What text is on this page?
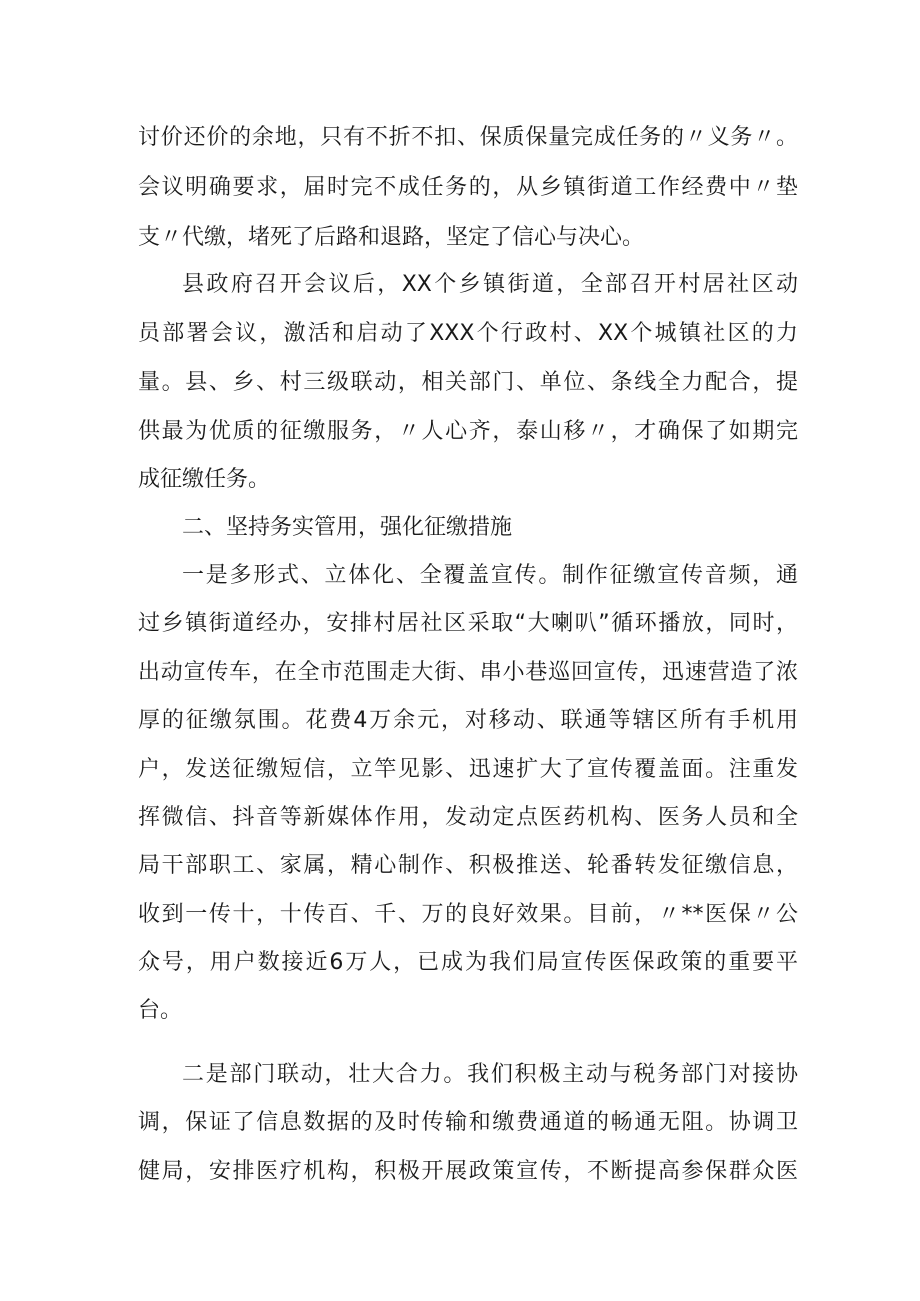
讨价还价的余地，只有不折不扣、保质保量完成任务的〃义务〃。
会议明确要求，届时完不成任务的，从乡镇街道工作经费中〃垫
支〃代缴，堵死了后路和退路，坚定了信心与决心。
县政府召开会议后，XX个乡镇街道，全部召开村居社区动
员部署会议，激活和启动了XXX个行政村、XX个城镇社区的力
量。县、乡、村三级联动，相关部门、单位、条线全力配合，提
供最为优质的征缴服务，〃人心齐，泰山移〃，才确保了如期完
成征缴任务。
二、坚持务实管用，强化征缴措施
一是多形式、立体化、全覆盖宣传。制作征缴宣传音频，通
过乡镇街道经办，安排村居社区采取“大喇叭”循环播放，同时，
出动宣传车，在全市范围走大街、串小巷巡回宣传，迅速营造了浓
厚的征缴氛围。花费4万余元，对移动、联通等辖区所有手机用
户，发送征缴短信，立竿见影、迅速扩大了宣传覆盖面。注重发
挥微信、抖音等新媒体作用，发动定点医药机构、医务人员和全
局干部职工、家属，精心制作、积极推送、轮番转发征缴信息，
收到一传十，十传百、千、万的良好效果。目前，〃**医保〃公
众号，用户数接近6万人，已成为我们局宣传医保政策的重要平
台。
二是部门联动，壮大合力。我们积极主动与税务部门对接协
调，保证了信息数据的及时传输和缴费通道的畅通无阻。协调卫
健局，安排医疗机构，积极开展政策宣传，不断提高参保群众医
